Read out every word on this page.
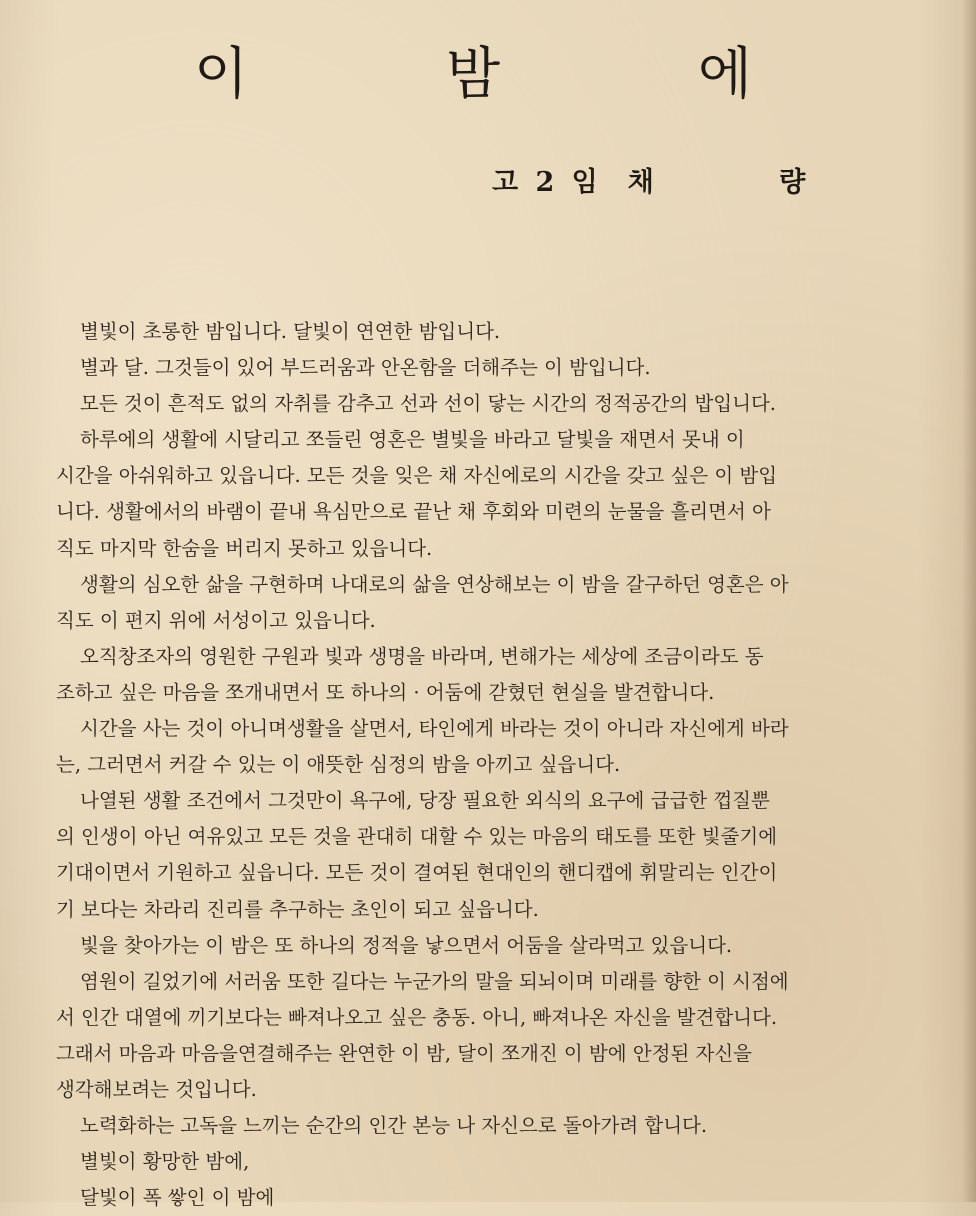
이 밤 에
고 2 임 채 량
별빛이 초롱한 밤입니다. 달빛이 연연한 밤입니다.
별과 달. 그것들이 있어 부드러움과 안온함을 더해주는 이 밤입니다.
모든 것이 흔적도 없의 자취를 감추고 선과 선이 닿는 시간의 정적공간의 밥입니다.
하루에의 생활에 시달리고 쪼들린 영혼은 별빛을 바라고 달빛을 재면서 못내 이
시간을 아쉬워하고 있읍니다. 모든 것을 잊은 채 자신에로의 시간을 갖고 싶은 이 밤입
니다. 생활에서의 바램이 끝내 욕심만으로 끝난 채 후회와 미련의 눈물을 흘리면서 아
직도 마지막 한숨을 버리지 못하고 있읍니다.
생활의 심오한 삶을 구현하며 나대로의 삶을 연상해보는 이 밤을 갈구하던 영혼은 아
직도 이 편지 위에 서성이고 있읍니다.
오직창조자의 영원한 구원과 빛과 생명을 바라며, 변해가는 세상에 조금이라도 동
조하고 싶은 마음을 쪼개내면서 또 하나의 · 어둠에 갇혔던 현실을 발견합니다.
시간을 사는 것이 아니며생활을 살면서, 타인에게 바라는 것이 아니라 자신에게 바라
는, 그러면서 커갈 수 있는 이 애뜻한 심정의 밤을 아끼고 싶읍니다.
나열된 생활 조건에서 그것만이 욕구에, 당장 필요한 외식의 요구에 급급한 껍질뿐
의 인생이 아닌 여유있고 모든 것을 관대히 대할 수 있는 마음의 태도를 또한 빛줄기에
기대이면서 기원하고 싶읍니다. 모든 것이 결여된 현대인의 핸디캡에 휘말리는 인간이
기 보다는 차라리 진리를 추구하는 초인이 되고 싶읍니다.
빛을 찾아가는 이 밤은 또 하나의 정적을 낳으면서 어둠을 살라먹고 있읍니다.
염원이 길었기에 서러움 또한 길다는 누군가의 말을 되뇌이며 미래를 향한 이 시점에
서 인간 대열에 끼기보다는 빠져나오고 싶은 충동. 아니, 빠져나온 자신을 발견합니다.
그래서 마음과 마음을연결해주는 완연한 이 밤, 달이 쪼개진 이 밤에 안정된 자신을
생각해보려는 것입니다.
노력화하는 고독을 느끼는 순간의 인간 본능 나 자신으로 돌아가려 합니다.
별빛이 황망한 밤에,
달빛이 폭 쌓인 이 밤에
